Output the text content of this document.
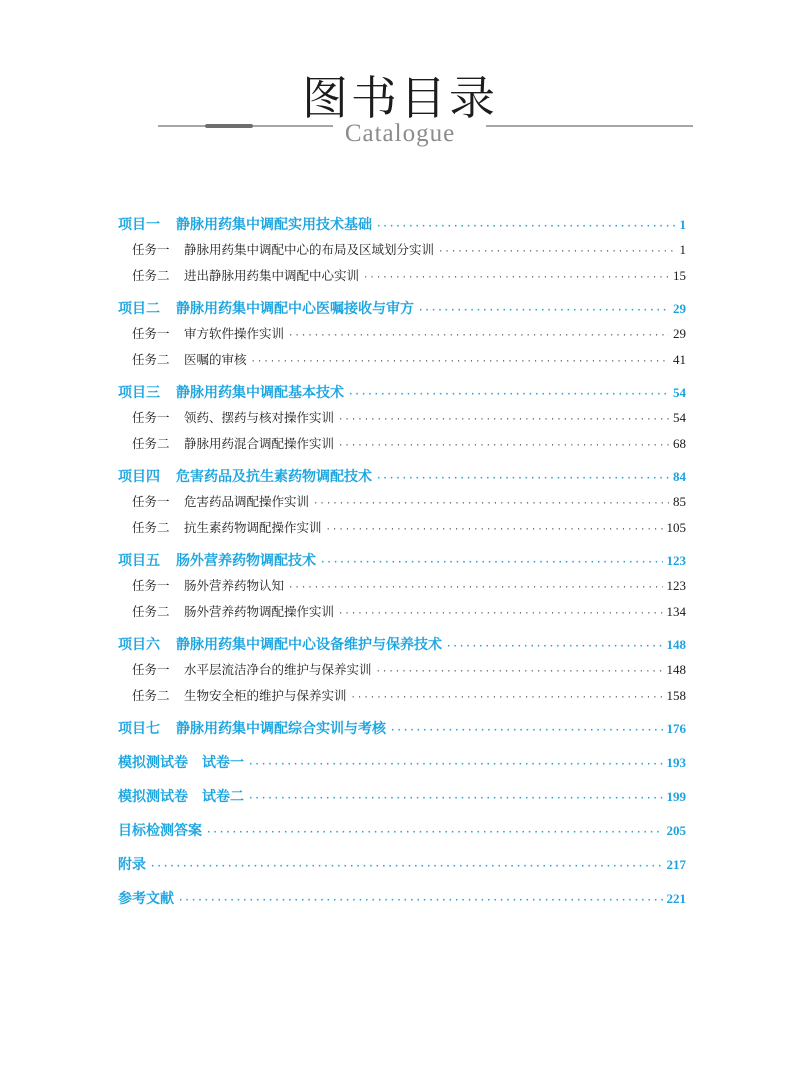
图书目录
Catalogue
项目一 静脉用药集中调配实用技术基础 ·····	1
任务一 静脉用药集中调配中心的布局及区域划分实训 ·····	1
任务二 进出静脉用药集中调配中心实训 ·····	15
项目二 静脉用药集中调配中心医嘱接收与审方 ·····	29
任务一 审方软件操作实训 ·····	29
任务二 医嘱的审核 ·····	41
项目三 静脉用药集中调配基本技术 ·····	54
任务一 领药、摆药与核对操作实训 ·····	54
任务二 静脉用药混合调配操作实训 ·····	68
项目四 危害药品及抗生素药物调配技术 ·····	84
任务一 危害药品调配操作实训 ·····	85
任务二 抗生素药物调配操作实训 ·····	105
项目五 肠外营养药物调配技术 ·····	123
任务一 肠外营养药物认知 ·····	123
任务二 肠外营养药物调配操作实训 ·····	134
项目六 静脉用药集中调配中心设备维护与保养技术 ·····	148
任务一 水平层流洁净台的维护与保养实训 ·····	148
任务二 生物安全柜的维护与保养实训 ·····	158
项目七 静脉用药集中调配综合实训与考核 ·····	176
模拟测试卷　试卷一 ·····	193
模拟测试卷　试卷二 ·····	199
目标检测答案 ·····	205
附录 ·····	217
参考文献 ·····	221
